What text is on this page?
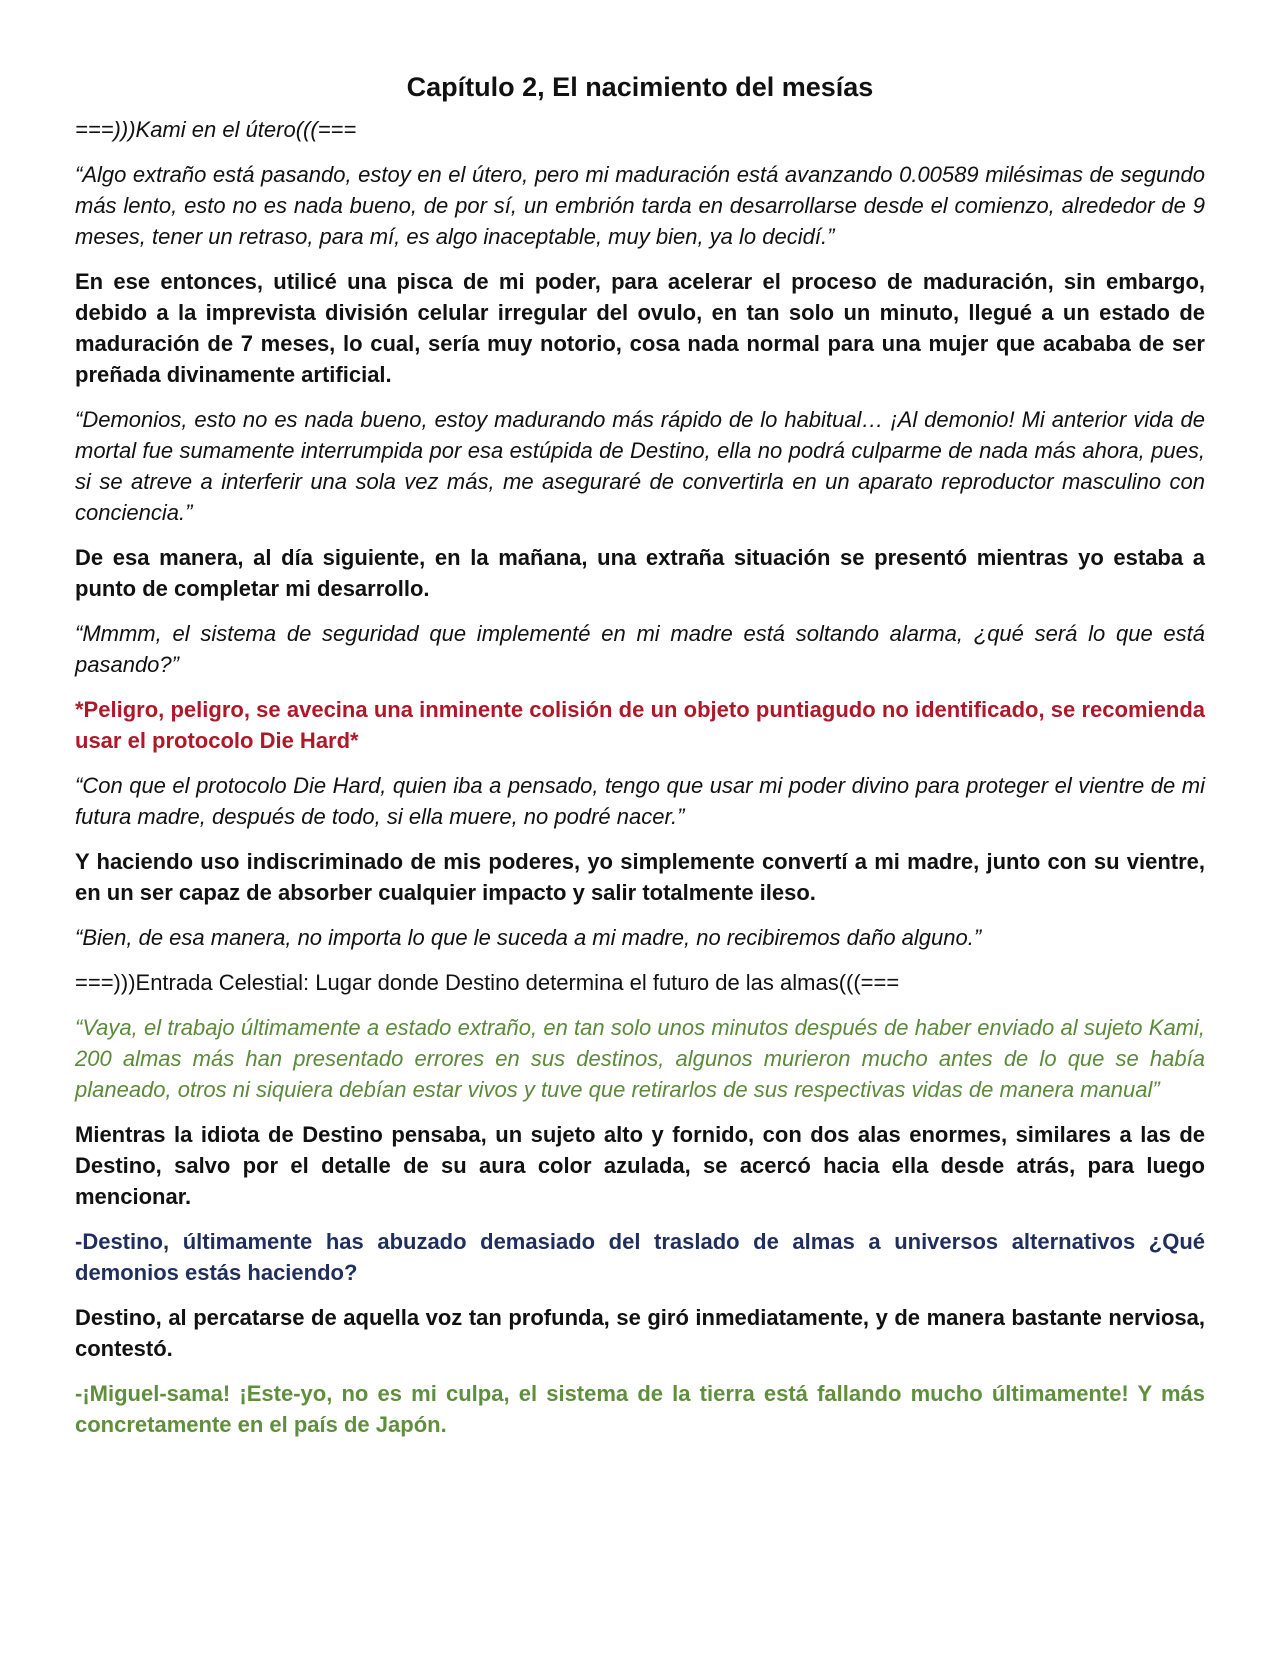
Capítulo 2, El nacimiento del mesías
===)))Kami en el útero(((===
“Algo extraño está pasando, estoy en el útero, pero mi maduración está avanzando 0.00589 milésimas de segundo más lento, esto no es nada bueno, de por sí, un embrión tarda en desarrollarse desde el comienzo, alrededor de 9 meses, tener un retraso, para mí, es algo inaceptable, muy bien, ya lo decidí.”
En ese entonces, utilicé una pisca de mi poder, para acelerar el proceso de maduración, sin embargo, debido a la imprevista división celular irregular del ovulo, en tan solo un minuto, llegué a un estado de maduración de 7 meses, lo cual, sería muy notorio, cosa nada normal para una mujer que acababa de ser preñada divinamente artificial.
“Demonios, esto no es nada bueno, estoy madurando más rápido de lo habitual… ¡Al demonio! Mi anterior vida de mortal fue sumamente interrumpida por esa estúpida de Destino, ella no podrá culparme de nada más ahora, pues, si se atreve a interferir una sola vez más, me aseguraré de convertirla en un aparato reproductor masculino con conciencia.”
De esa manera, al día siguiente, en la mañana, una extraña situación se presentó mientras yo estaba a punto de completar mi desarrollo.
“Mmmm, el sistema de seguridad que implementé en mi madre está soltando alarma, ¿qué será lo que está pasando?”
*Peligro, peligro, se avecina una inminente colisión de un objeto puntiagudo no identificado, se recomienda usar el protocolo Die Hard*
“Con que el protocolo Die Hard, quien iba a pensado, tengo que usar mi poder divino para proteger el vientre de mi futura madre, después de todo, si ella muere, no podré nacer.”
Y haciendo uso indiscriminado de mis poderes, yo simplemente convertí a mi madre, junto con su vientre, en un ser capaz de absorber cualquier impacto y salir totalmente ileso.
“Bien, de esa manera, no importa lo que le suceda a mi madre, no recibiremos daño alguno.”
===)))Entrada Celestial: Lugar donde Destino determina el futuro de las almas(((===
“Vaya, el trabajo últimamente a estado extraño, en tan solo unos minutos después de haber enviado al sujeto Kami, 200 almas más han presentado errores en sus destinos, algunos murieron mucho antes de lo que se había planeado, otros ni siquiera debían estar vivos y tuve que retirarlos de sus respectivas vidas de manera manual”
Mientras la idiota de Destino pensaba, un sujeto alto y fornido, con dos alas enormes, similares a las de Destino, salvo por el detalle de su aura color azulada, se acercó hacia ella desde atrás, para luego mencionar.
-Destino, últimamente has abuzado demasiado del traslado de almas a universos alternativos ¿Qué demonios estás haciendo?
Destino, al percatarse de aquella voz tan profunda, se giró inmediatamente, y de manera bastante nerviosa, contestó.
-¡Miguel-sama! ¡Este-yo, no es mi culpa, el sistema de la tierra está fallando mucho últimamente! Y más concretamente en el país de Japón.
